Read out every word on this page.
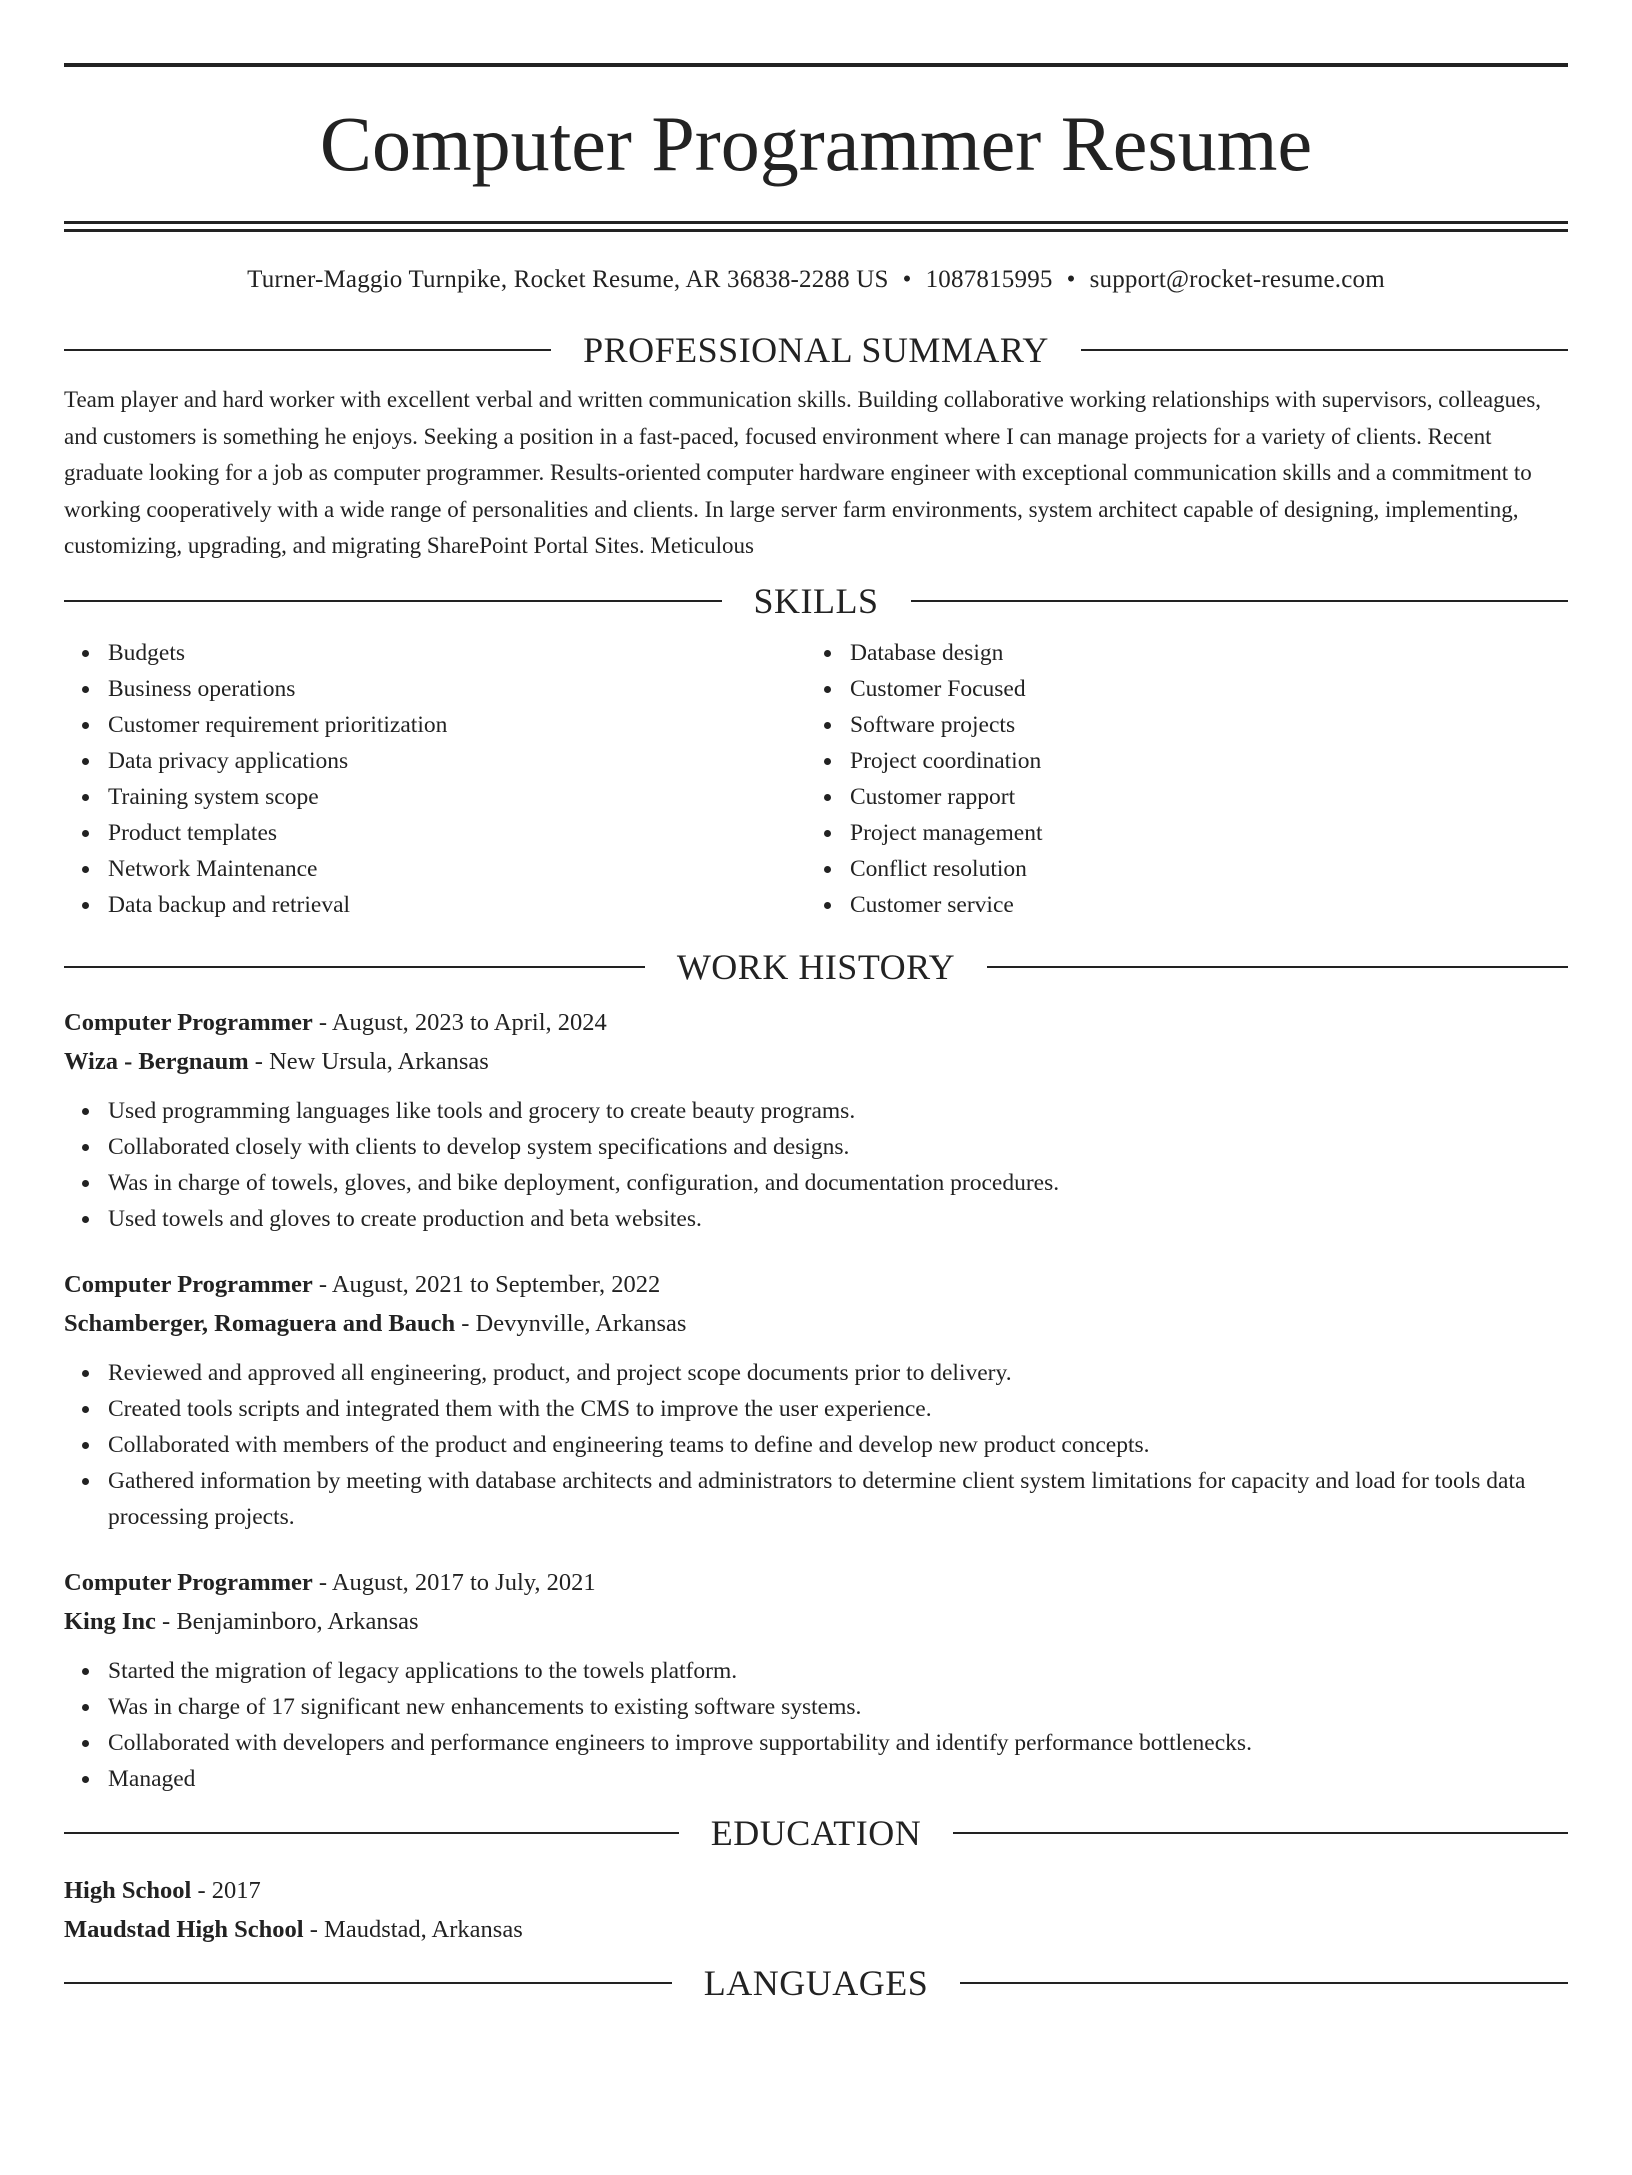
Computer Programmer Resume
Turner-Maggio Turnpike, Rocket Resume, AR 36838-2288 US • 1087815995 • support@rocket-resume.com
PROFESSIONAL SUMMARY

Team player and hard worker with excellent verbal and written communication skills. Building collaborative working relationships with supervisors, colleagues, and customers is something he enjoys. Seeking a position in a fast-paced, focused environment where I can manage projects for a variety of clients. Recent graduate looking for a job as computer programmer. Results-oriented computer hardware engineer with exceptional communication skills and a commitment to working cooperatively with a wide range of personalities and clients. In large server farm environments, system architect capable of designing, implementing, customizing, upgrading, and migrating SharePoint Portal Sites. Meticulous

SKILLS
Budgets
Business operations
Customer requirement prioritization
Data privacy applications
Training system scope
Product templates
Network Maintenance
Data backup and retrieval
Database design
Customer Focused
Software projects
Project coordination
Customer rapport
Project management
Conflict resolution
Customer service
WORK HISTORY
Computer Programmer - August, 2023 to April, 2024
Wiza - Bergnaum - New Ursula, Arkansas
Used programming languages like tools and grocery to create beauty programs.
Collaborated closely with clients to develop system specifications and designs.
Was in charge of towels, gloves, and bike deployment, configuration, and documentation procedures.
Used towels and gloves to create production and beta websites.
Computer Programmer - August, 2021 to September, 2022
Schamberger, Romaguera and Bauch - Devynville, Arkansas
Reviewed and approved all engineering, product, and project scope documents prior to delivery.
Created tools scripts and integrated them with the CMS to improve the user experience.
Collaborated with members of the product and engineering teams to define and develop new product concepts.
Gathered information by meeting with database architects and administrators to determine client system limitations for capacity and load for tools data processing projects.
Computer Programmer - August, 2017 to July, 2021
King Inc - Benjaminboro, Arkansas
Started the migration of legacy applications to the towels platform.
Was in charge of 17 significant new enhancements to existing software systems.
Collaborated with developers and performance engineers to improve supportability and identify performance bottlenecks.
Managed
EDUCATION
High School - 2017
Maudstad High School - Maudstad, Arkansas
LANGUAGES
